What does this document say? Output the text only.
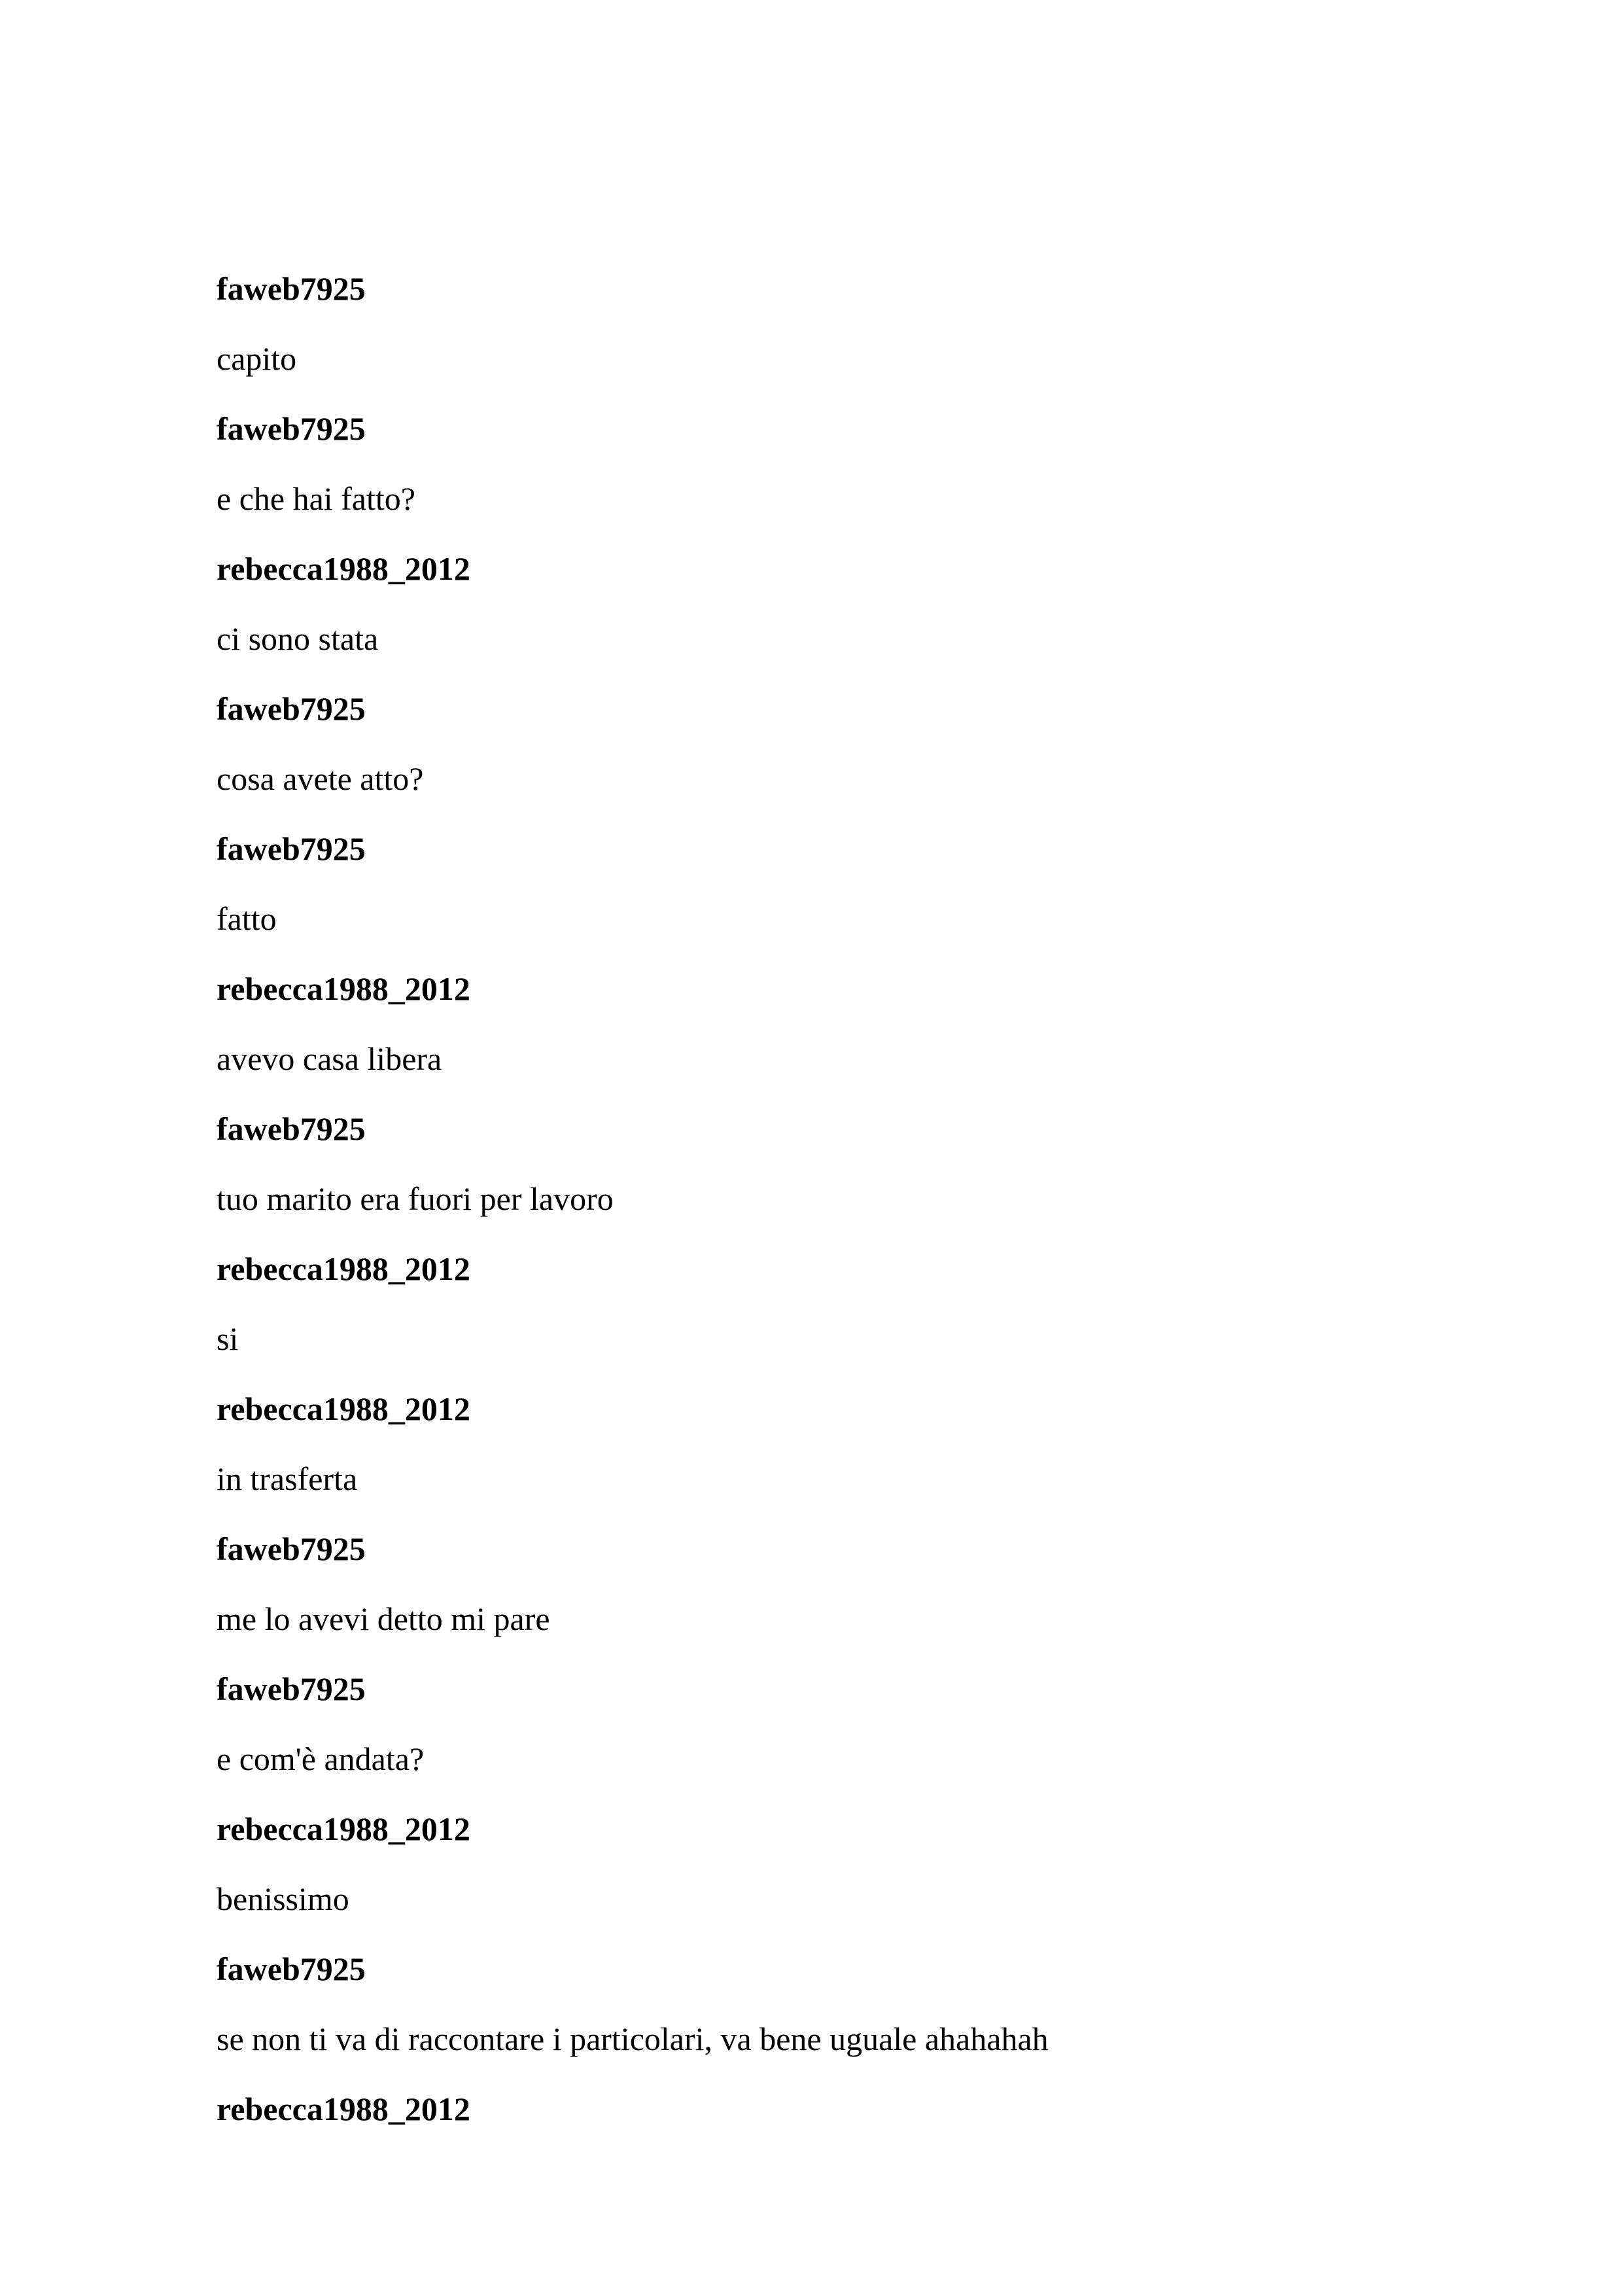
faweb7925

capito

faweb7925

e che hai fatto?

rebecca1988_2012

ci sono stata

faweb7925

cosa avete atto?

faweb7925

fatto

rebecca1988_2012

avevo casa libera

faweb7925

tuo marito era fuori per lavoro

rebecca1988_2012

si

rebecca1988_2012

in trasferta

faweb7925

me lo avevi detto mi pare

faweb7925

e com'è andata?

rebecca1988_2012

benissimo

faweb7925

se non ti va di raccontare i particolari, va bene uguale ahahahah

rebecca1988_2012
